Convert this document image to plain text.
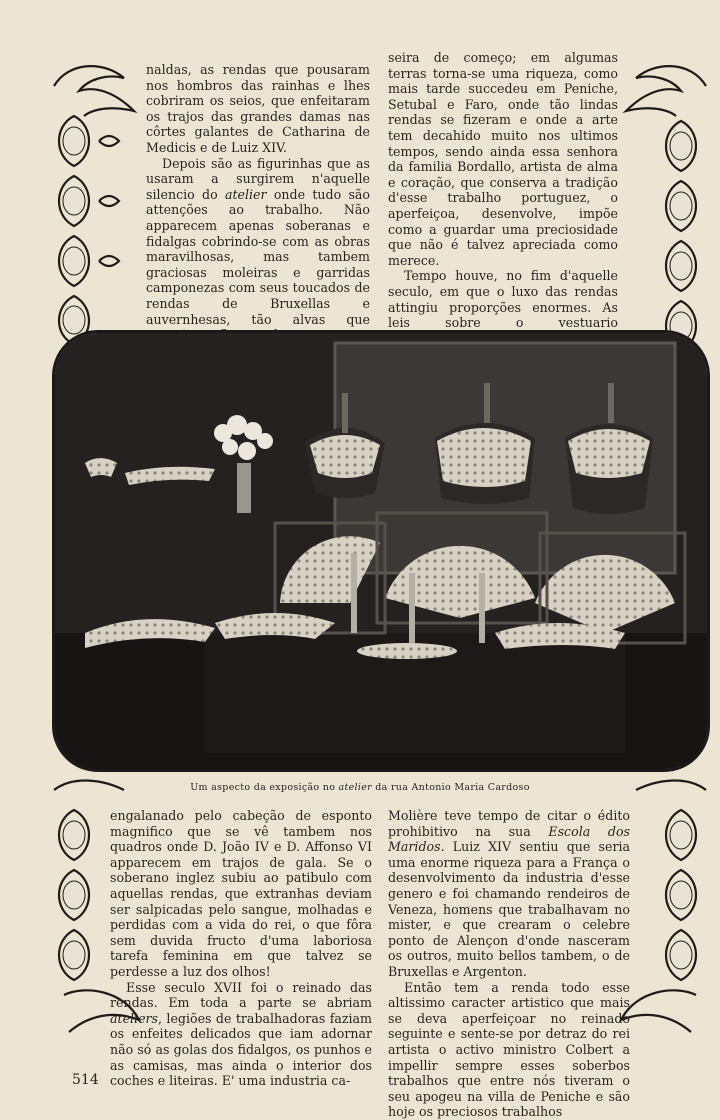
naldas, as rendas que pousaram nos hombros das rainhas e lhes cobriram os seios, que enfeitaram os trajos das grandes damas nas côrtes galantes de Catharina de Medicis e de Luiz XIV.

Depois são as figurinhas que as usaram a surgirem n'aquelle silencio do atelier onde tudo são attenções ao trabalho. Não apparecem apenas soberanas e fidalgas cobrindo-se com as obras maravilhosas, mas tambem graciosas moleiras e garridas camponezas com seus toucados de rendas de Bruxellas e auvernhesas, tão alvas que

seira de começo; em algumas terras torna-se uma riqueza, como mais tarde succedeu em Peniche, Setubal e Faro, onde tão lindas rendas se fizeram e onde a arte tem decahido muito nos ultimos tempos, sendo ainda essa senhora da familia Bordallo, artista de alma e coração, que conserva a tradição d'esse trabalho portuguez, o aperfeiçoa, desenvolve, impõe como a guardar uma preciosidade que não é talvez apreciada como merece.

Tempo houve, no fim d'aquelle seculo, em que o luxo das rendas attingiu proporções enormes. As leis sobre o vestuario

Um aspecto da exposição no atelier da rua Antonio Maria Cardoso

engalanado pelo cabeção de esponto magnifico que se vê tambem nos quadros onde D. João IV e D. Affonso VI apparecem em trajos de gala. Se o soberano inglez subiu ao patibulo com aquellas rendas, que extranhas deviam ser salpicadas pelo sangue, molhadas e perdidas com a vida do rei, o que fôra sem duvida fructo d'uma laboriosa tarefa feminina em que talvez se perdesse a luz dos olhos!

Esse seculo XVII foi o reinado das rendas. Em toda a parte se abriam ateliers, legiões de trabalhadoras faziam os enfeites delicados que iam adornar não só as golas dos fidalgos, os punhos e as camisas, mas ainda o interior dos coches e liteiras. E' uma industria ca-

Molière teve tempo de citar o édito prohibitivo na sua Escola dos Maridos. Luiz XIV sentiu que seria uma enorme riqueza para a França o desenvolvimento da industria d'esse genero e foi chamando rendeiros de Veneza, homens que trabalhavam no mister, e que crearam o celebre ponto de Alençon d'onde nasceram os outros, muito bellos tambem, o de Bruxellas e Argenton.

Então tem a renda todo esse altissimo caracter artistico que mais se deva aperfeiçoar no reinado seguinte e sente-se por detraz do rei artista o activo ministro Colbert a impellir sempre esses soberbos trabalhos que entre nós tiveram o seu apogeu na villa de Peniche e são hoje os preciosos trabalhos

514
